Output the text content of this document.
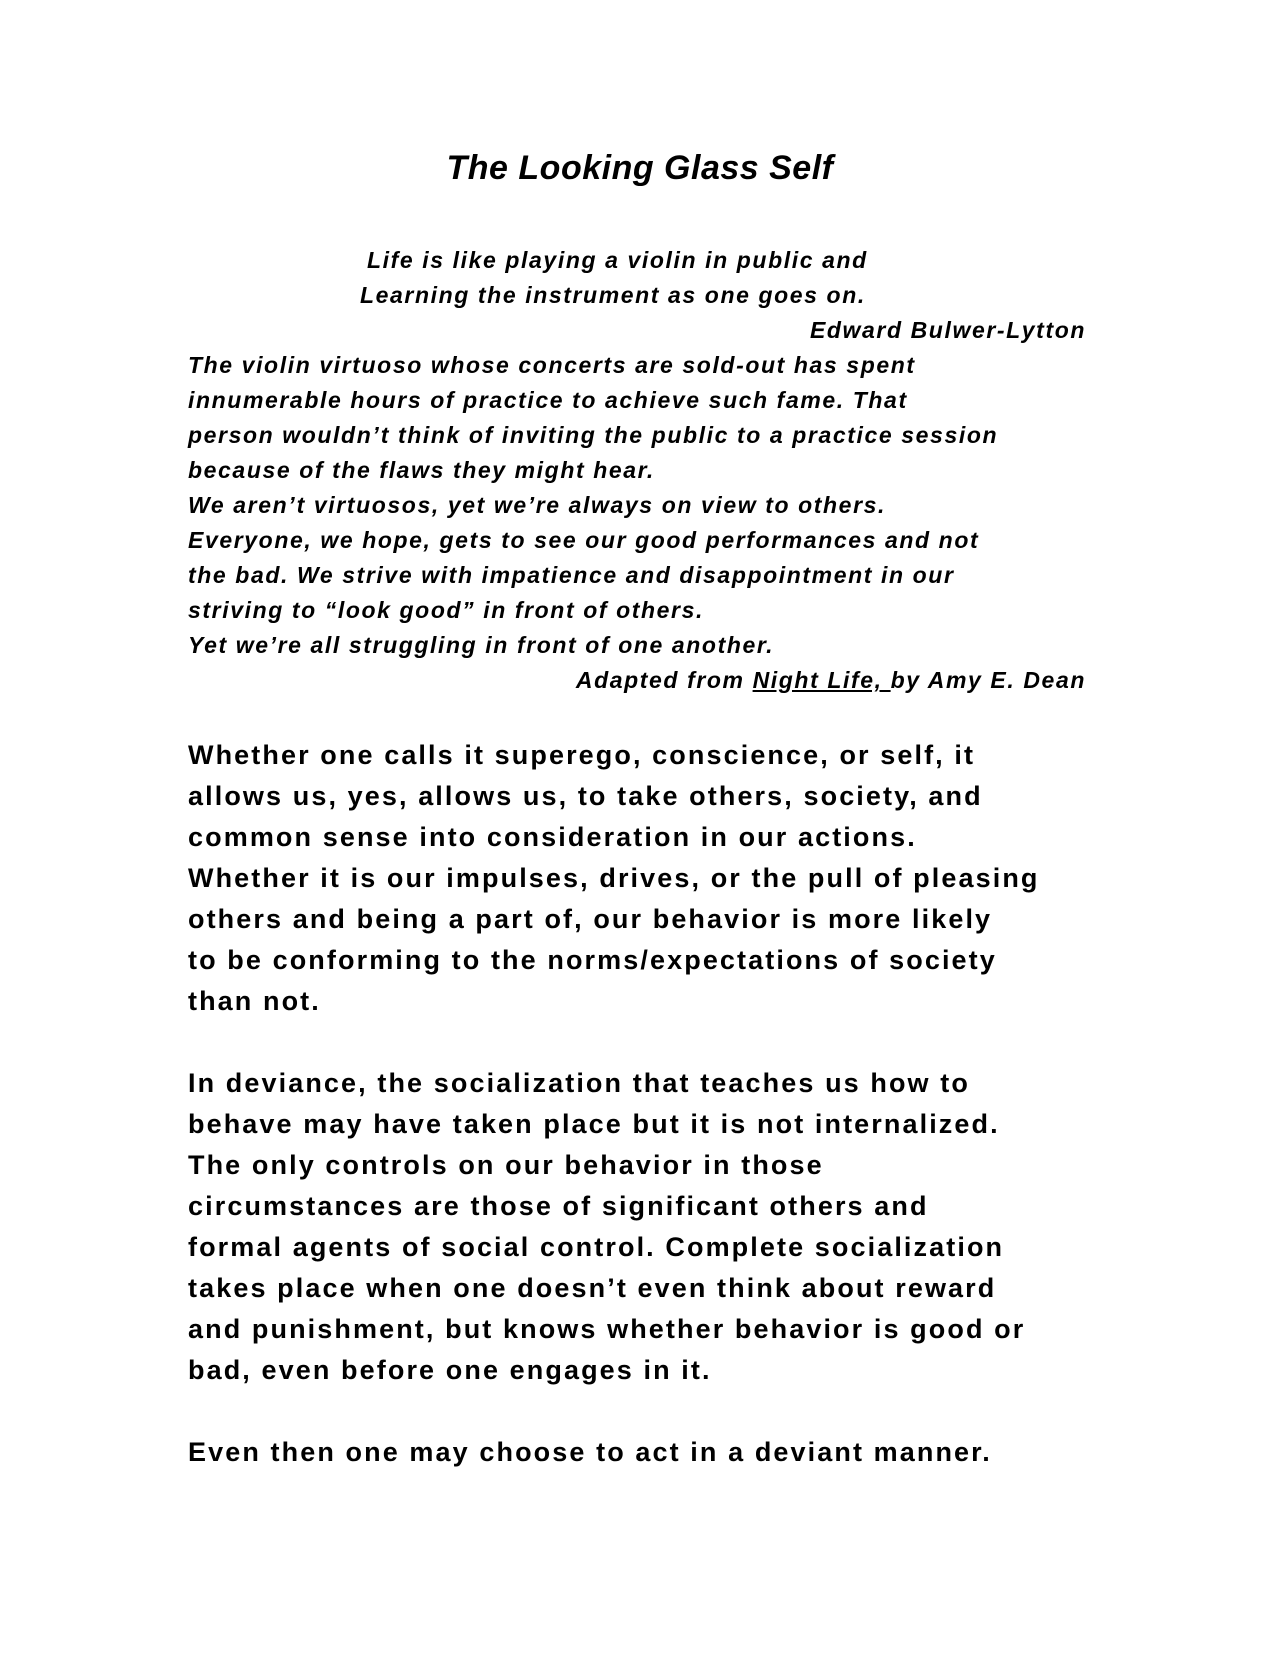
The Looking Glass Self
Life is like playing a violin in public and
Learning the instrument as one goes on.
Edward Bulwer-Lytton
The violin virtuoso whose concerts are sold-out has spent
innumerable hours of practice to achieve such fame. That
person wouldn’t think of inviting the public to a practice session
because of the flaws they might hear.
We aren’t virtuosos, yet we’re always on view to others.
Everyone, we hope, gets to see our good performances and not
the bad. We strive with impatience and disappointment in our
striving to “look good” in front of others.
Yet we’re all struggling in front of one another.
Adapted from Night Life, by Amy E. Dean
Whether one calls it superego, conscience, or self, it
allows us, yes, allows us, to take others, society, and
common sense into consideration in our actions.
Whether it is our impulses, drives, or the pull of pleasing
others and being a part of, our behavior is more likely
to be conforming to the norms/expectations of society
than not.
In deviance, the socialization that teaches us how to
behave may have taken place but it is not internalized.
The only controls on our behavior in those
circumstances are those of significant others and
formal agents of social control. Complete socialization
takes place when one doesn’t even think about reward
and punishment, but knows whether behavior is good or
bad, even before one engages in it.
Even then one may choose to act in a deviant manner.
